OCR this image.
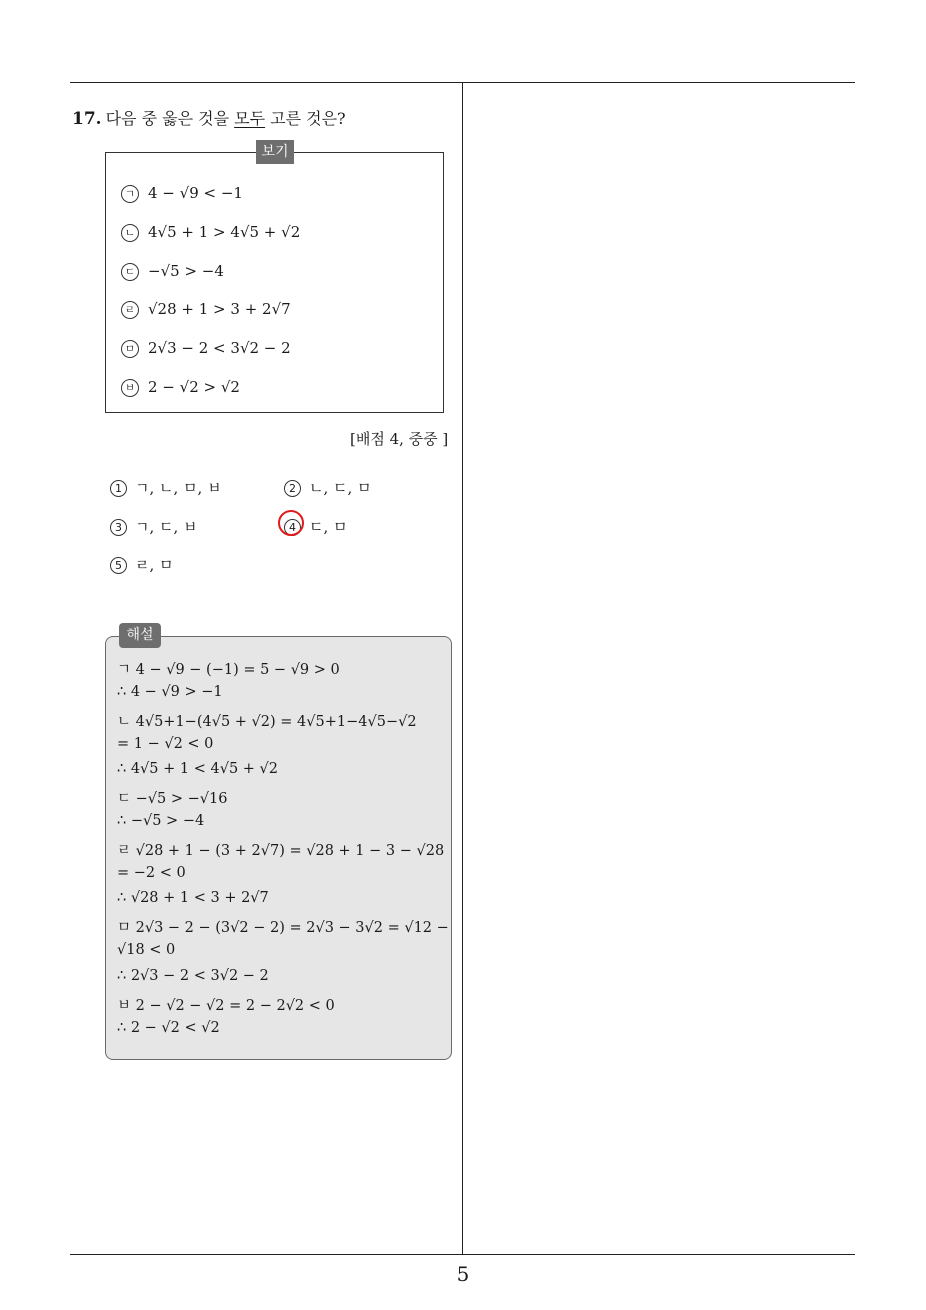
17. 다음 중 옳은 것을 모두 고른 것은?
보기
ㄱ 4 − √9 < −1
ㄴ 4√5 + 1 > 4√5 + √2
ㄷ −√5 > −4
ㄹ √28 + 1 > 3 + 2√7
ㅁ 2√3 − 2 < 3√2 − 2
ㅂ 2 − √2 > √2
[배점 4, 중중 ]
1 ㄱ, ㄴ, ㅁ, ㅂ	2 ㄴ, ㄷ, ㅁ
3 ㄱ, ㄷ, ㅂ	4 ㄷ, ㅁ
5 ㄹ, ㅁ
해설
ㄱ 4 − √9 − (−1) = 5 − √9 > 0
∴ 4 − √9 > −1
ㄴ 4√5+1−(4√5 + √2) = 4√5+1−4√5−√2
= 1 − √2 < 0
∴ 4√5 + 1 < 4√5 + √2
ㄷ −√5 > −√16
∴ −√5 > −4
ㄹ √28 + 1 − (3 + 2√7) = √28 + 1 − 3 − √28
= −2 < 0
∴ √28 + 1 < 3 + 2√7
ㅁ 2√3 − 2 − (3√2 − 2) = 2√3 − 3√2 = √12 −
√18 < 0
∴ 2√3 − 2 < 3√2 − 2
ㅂ 2 − √2 − √2 = 2 − 2√2 < 0
∴ 2 − √2 < √2
5
